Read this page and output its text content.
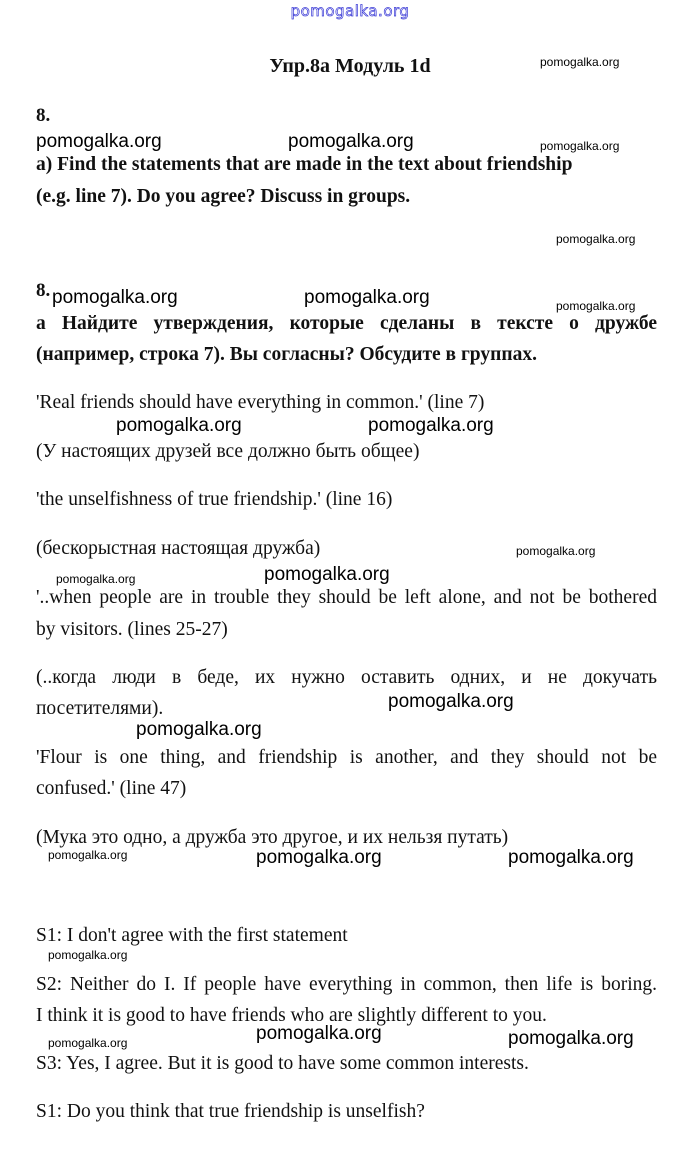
pomogalka.org
Упр.8а Модуль 1d
8.
a) Find the statements that are made in the text about friendship
(e.g. line 7). Do you agree? Discuss in groups.
8.
а Найдите утверждения, которые сделаны в тексте о дружбе
(например, строка 7). Вы согласны? Обсудите в группах.
'Real friends should have everything in common.' (line 7)
(У настоящих друзей все должно быть общее)
'the unselfishness of true friendship.' (line 16)
(бескорыстная настоящая дружба)
'..when people are in trouble they should be left alone, and not be bothered
by visitors. (lines 25-27)
(..когда люди в беде, их нужно оставить одних, и не докучать
посетителями).
'Flour is one thing, and friendship is another, and they should not be
confused.' (line 47)
(Мука это одно, а дружба это другое, и их нельзя путать)
S1: I don't agree with the first statement
S2: Neither do I. If people have everything in common, then life is boring.
I think it is good to have friends who are slightly different to you.
S3: Yes, I agree. But it is good to have some common interests.
S1: Do you think that true friendship is unselfish?
pomogalka.org
pomogalka.org	pomogalka.org	pomogalka.org
pomogalka.org
pomogalka.org	pomogalka.org	pomogalka.org
pomogalka.org	pomogalka.org
pomogalka.org
pomogalka.org	pomogalka.org
pomogalka.org
pomogalka.org
pomogalka.org	pomogalka.org	pomogalka.org
pomogalka.org
pomogalka.org	pomogalka.org	pomogalka.org
